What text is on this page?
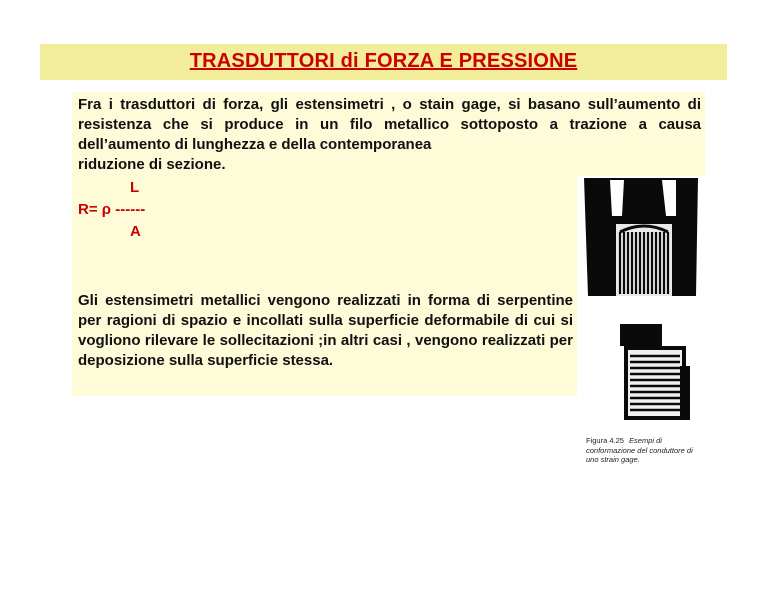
TRASDUTTORI di FORZA E PRESSIONE
Fra i trasduttori di forza, gli estensimetri , o stain gage, si basano sull’aumento di resistenza che si produce in un filo metallico sottoposto a trazione a causa dell’aumento di lunghezza e della contemporanea
riduzione di sezione.
L
R= ρ ------
A
Gli estensimetri metallici vengono realizzati in forma di serpentine per ragioni di spazio e incollati sulla superficie deformabile di cui si vogliono rilevare le sollecitazioni ;in altri casi , vengono realizzati per deposizione sulla superficie stessa.
Figura 4.25 Esempi di conformazione del conduttore di uno strain gage.
